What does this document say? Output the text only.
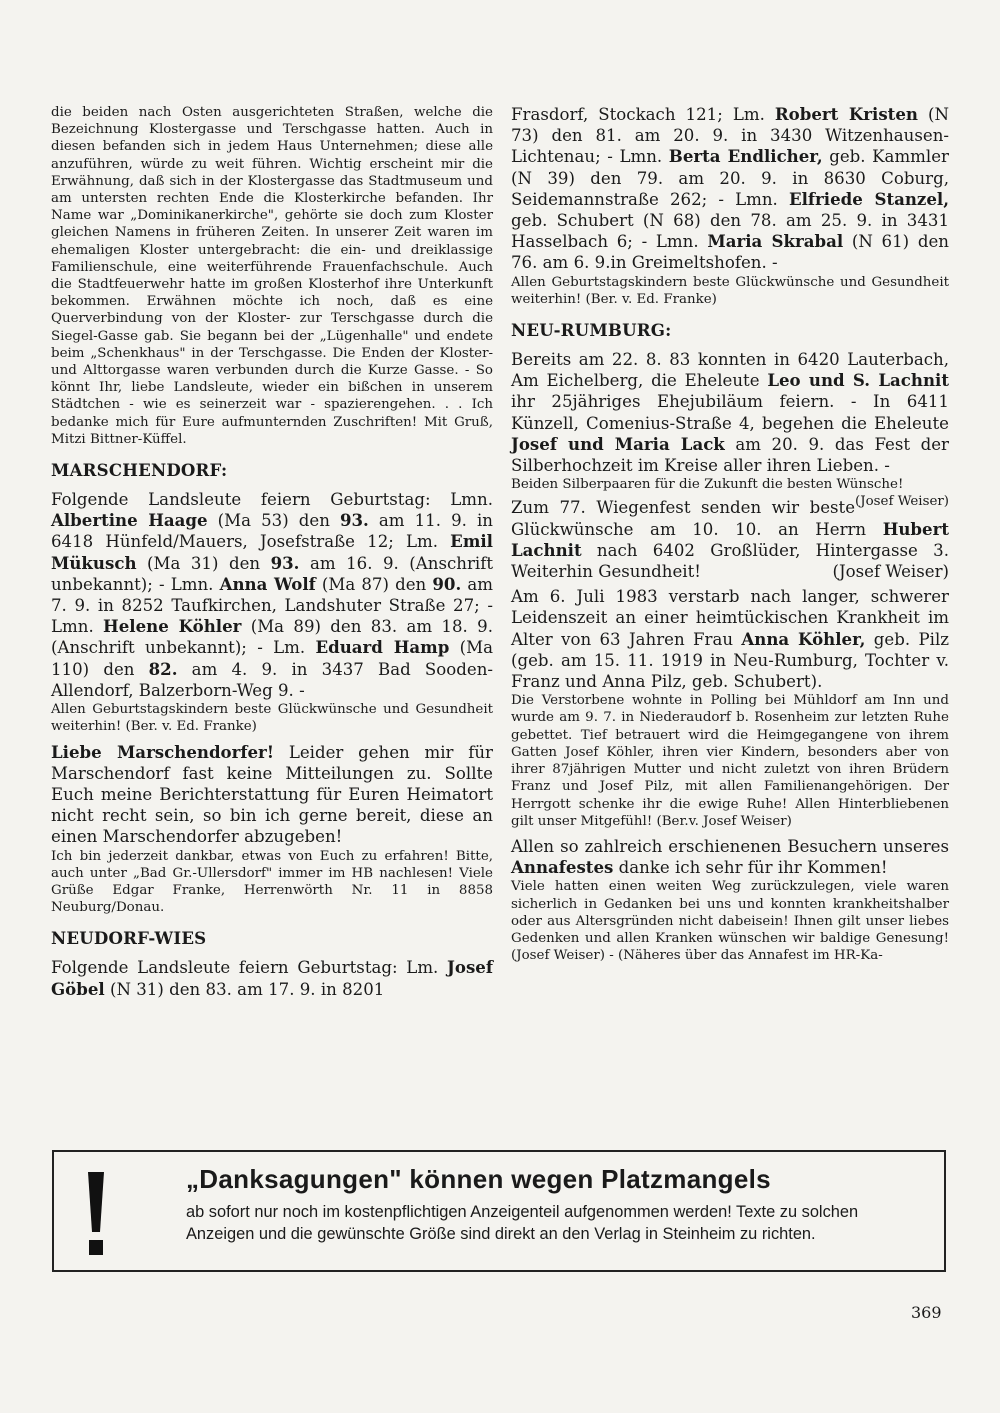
die beiden nach Osten ausgerichteten Straßen, welche die Bezeichnung Klostergasse und Terschgasse hatten. Auch in diesen befanden sich in jedem Haus Unternehmen; diese alle anzuführen, würde zu weit führen. Wichtig erscheint mir die Erwähnung, daß sich in der Klostergasse das Stadtmuseum und am untersten rechten Ende die Klosterkirche befanden. Ihr Name war „Dominikanerkirche", gehörte sie doch zum Kloster gleichen Namens in früheren Zeiten. In unserer Zeit waren im ehemaligen Kloster untergebracht: die ein- und dreiklassige Familienschule, eine weiterführende Frauenfachschule. Auch die Stadtfeuerwehr hatte im großen Klosterhof ihre Unterkunft bekommen. Erwähnen möchte ich noch, daß es eine Querverbindung von der Kloster- zur Terschgasse durch die Siegel-Gasse gab. Sie begann bei der „Lügenhalle" und endete beim „Schenkhaus" in der Terschgasse. Die Enden der Kloster- und Alttorgasse waren verbunden durch die Kurze Gasse. - So könnt Ihr, liebe Landsleute, wieder ein bißchen in unserem Städtchen - wie es seinerzeit war - spazierengehen. . . Ich bedanke mich für Eure aufmunternden Zuschriften! Mit Gruß, Mitzi Bittner-Küffel.

MARSCHENDORF:

Folgende Landsleute feiern Geburtstag: Lmn. Albertine Haage (Ma 53) den 93. am 11. 9. in 6418 Hünfeld/Mauers, Josefstraße 12; Lm. Emil Mükusch (Ma 31) den 93. am 16. 9. (Anschrift unbekannt); - Lmn. Anna Wolf (Ma 87) den 90. am 7. 9. in 8252 Taufkirchen, Landshuter Straße 27; - Lmn. Helene Köhler (Ma 89) den 83. am 18. 9. (Anschrift unbekannt); - Lm. Eduard Hamp (Ma 110) den 82. am 4. 9. in 3437 Bad Sooden-Allendorf, Balzerborn-Weg 9. -

Allen Geburtstagskindern beste Glückwünsche und Gesundheit weiterhin! (Ber. v. Ed. Franke)

Liebe Marschendorfer! Leider gehen mir für Marschendorf fast keine Mitteilungen zu. Sollte Euch meine Berichterstattung für Euren Heimatort nicht recht sein, so bin ich gerne bereit, diese an einen Marschendorfer abzugeben!

Ich bin jederzeit dankbar, etwas von Euch zu erfahren! Bitte, auch unter „Bad Gr.-Ullersdorf" immer im HB nachlesen! Viele Grüße Edgar Franke, Herrenwörth Nr. 11 in 8858 Neuburg/Donau.

NEUDORF-WIES

Folgende Landsleute feiern Geburtstag: Lm. Josef Göbel (N 31) den 83. am 17. 9. in 8201

Frasdorf, Stockach 121; Lm. Robert Kristen (N 73) den 81. am 20. 9. in 3430 Witzenhausen-Lichtenau; - Lmn. Berta Endlicher, geb. Kammler (N 39) den 79. am 20. 9. in 8630 Coburg, Seidemannstraße 262; - Lmn. Elfriede Stanzel, geb. Schubert (N 68) den 78. am 25. 9. in 3431 Hasselbach 6; - Lmn. Maria Skrabal (N 61) den 76. am 6. 9.in Greimeltshofen. -

Allen Geburtstagskindern beste Glückwünsche und Gesundheit weiterhin! (Ber. v. Ed. Franke)

NEU-RUMBURG:

Bereits am 22. 8. 83 konnten in 6420 Lauterbach, Am Eichelberg, die Eheleute Leo und S. Lachnit ihr 25jähriges Ehejubiläum feiern. - In 6411 Künzell, Comenius-Straße 4, begehen die Eheleute Josef und Maria Lack am 20. 9. das Fest der Silberhochzeit im Kreise aller ihren Lieben. -

Beiden Silberpaaren für die Zukunft die besten Wünsche!
(Josef Weiser)

Zum 77. Wiegenfest senden wir beste Glückwünsche am 10. 10. an Herrn Hubert Lachnit nach 6402 Großlüder, Hintergasse 3. Weiterhin Gesundheit!	(Josef Weiser)

Am 6. Juli 1983 verstarb nach langer, schwerer Leidenszeit an einer heimtückischen Krankheit im Alter von 63 Jahren Frau Anna Köhler, geb. Pilz (geb. am 15. 11. 1919 in Neu-Rumburg, Tochter v. Franz und Anna Pilz, geb. Schubert).

Die Verstorbene wohnte in Polling bei Mühldorf am Inn und wurde am 9. 7. in Niederaudorf b. Rosenheim zur letzten Ruhe gebettet. Tief betrauert wird die Heimgegangene von ihrem Gatten Josef Köhler, ihren vier Kindern, besonders aber von ihrer 87jährigen Mutter und nicht zuletzt von ihren Brüdern Franz und Josef Pilz, mit allen Familienangehörigen. Der Herrgott schenke ihr die ewige Ruhe! Allen Hinterbliebenen gilt unser Mitgefühl! (Ber.v. Josef Weiser)

Allen so zahlreich erschienenen Besuchern unseres Annafestes danke ich sehr für ihr Kommen!

Viele hatten einen weiten Weg zurückzulegen, viele waren sicherlich in Gedanken bei uns und konnten krankheitshalber oder aus Altersgründen nicht dabeisein! Ihnen gilt unser liebes Gedenken und allen Kranken wünschen wir baldige Genesung! (Josef Weiser) - (Näheres über das Annafest im HR-Ka-

„Danksagungen" können wegen Platzmangels
ab sofort nur noch im kostenpflichtigen Anzeigenteil aufgenommen werden! Texte zu solchen Anzeigen und die gewünschte Größe sind direkt an den Verlag in Steinheim zu richten.
369
